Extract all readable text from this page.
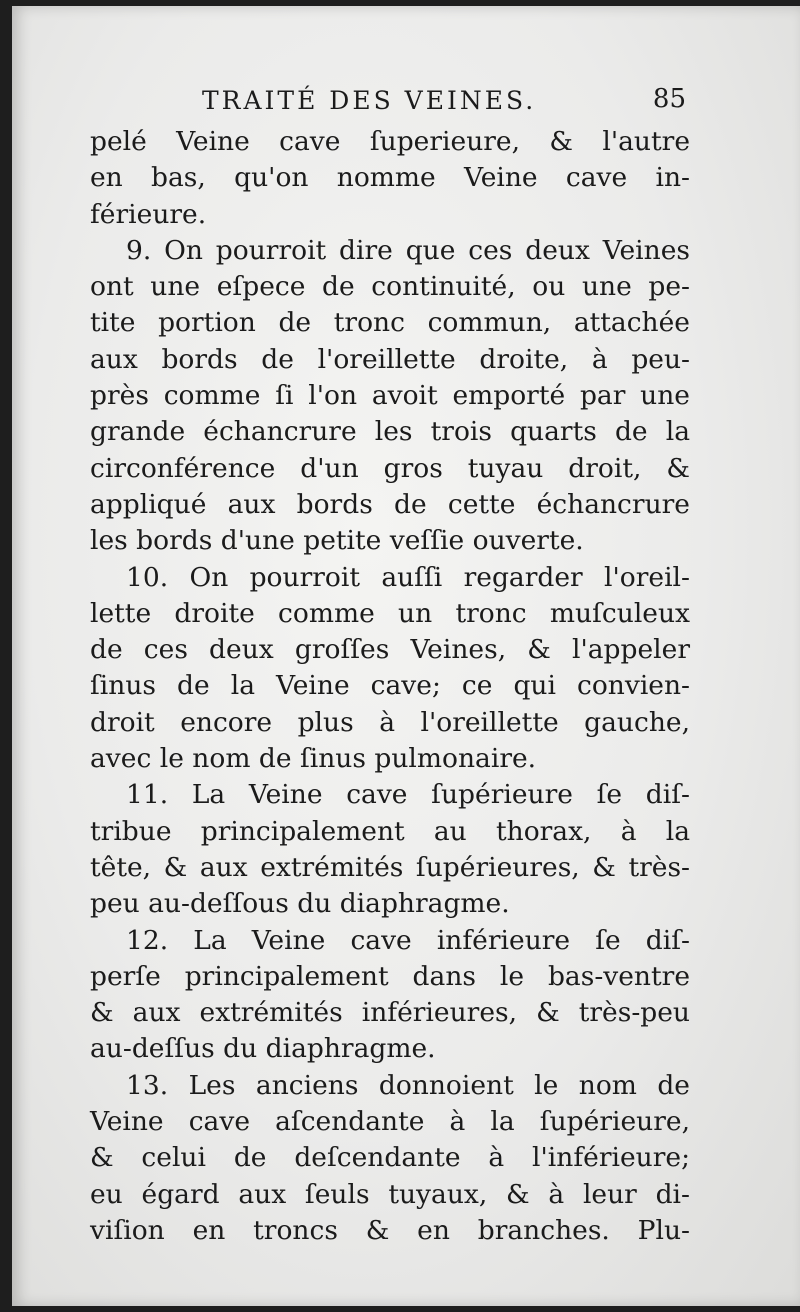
TRAITÉ DES VEINES.	85
pelé Veine cave ſuperieure, & l'autre
en bas, qu'on nomme Veine cave in-
férieure.
9. On pourroit dire que ces deux Veines
ont une eſpece de continuité, ou une pe-
tite portion de tronc commun, attachée
aux bords de l'oreillette droite, à peu-
près comme ſi l'on avoit emporté par une
grande échancrure les trois quarts de la
circonférence d'un gros tuyau droit, &
appliqué aux bords de cette échancrure
les bords d'une petite veſſie ouverte.
10. On pourroit auſſi regarder l'oreil-
lette droite comme un tronc muſculeux
de ces deux groſſes Veines, & l'appeler
ſinus de la Veine cave; ce qui convien-
droit encore plus à l'oreillette gauche,
avec le nom de ſinus pulmonaire.
11. La Veine cave ſupérieure ſe diſ-
tribue principalement au thorax, à la
tête, & aux extrémités ſupérieures, & très-
peu au-deſſous du diaphragme.
12. La Veine cave inférieure ſe diſ-
perſe principalement dans le bas-ventre
& aux extrémités inférieures, & très-peu
au-deſſus du diaphragme.
13. Les anciens donnoient le nom de
Veine cave aſcendante à la ſupérieure,
& celui de deſcendante à l'inférieure;
eu égard aux ſeuls tuyaux, & à leur di-
viſion en troncs & en branches. Plu-
